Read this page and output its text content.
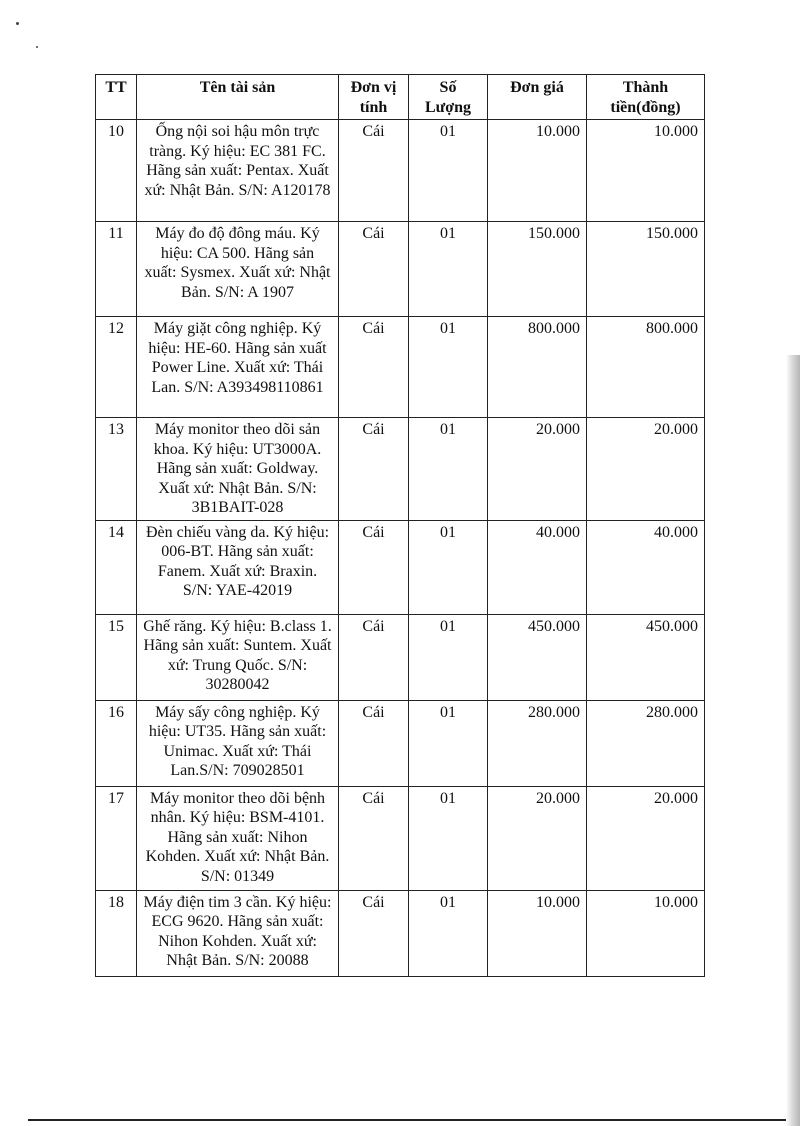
TT	Tên tài sản	Đơn vị tính	Số Lượng	Đơn giá	Thành tiền(đồng)
10	Ống nội soi hậu môn trực tràng. Ký hiệu: EC 381 FC. Hãng sản xuất: Pentax. Xuất xứ: Nhật Bản. S/N: A120178	Cái	01	10.000	10.000
11	Máy đo độ đông máu. Ký hiệu: CA 500. Hãng sản xuất: Sysmex. Xuất xứ: Nhật Bản. S/N: A 1907	Cái	01	150.000	150.000
12	Máy giặt công nghiệp. Ký hiệu: HE-60. Hãng sản xuất Power Line. Xuất xứ: Thái Lan. S/N: A393498110861	Cái	01	800.000	800.000
13	Máy monitor theo dõi sản khoa. Ký hiệu: UT3000A. Hãng sản xuất: Goldway. Xuất xứ: Nhật Bản. S/N: 3B1BAIT-028	Cái	01	20.000	20.000
14	Đèn chiếu vàng da. Ký hiệu: 006-BT. Hãng sản xuất: Fanem. Xuất xứ: Braxin. S/N: YAE-42019	Cái	01	40.000	40.000
15	Ghế răng. Ký hiệu: B.class 1. Hãng sản xuất: Suntem. Xuất xứ: Trung Quốc. S/N: 30280042	Cái	01	450.000	450.000
16	Máy sấy công nghiệp. Ký hiệu: UT35. Hãng sản xuất: Unimac. Xuất xứ: Thái Lan.S/N: 709028501	Cái	01	280.000	280.000
17	Máy monitor theo dõi bệnh nhân. Ký hiệu: BSM-4101. Hãng sản xuất: Nihon Kohden. Xuất xứ: Nhật Bản. S/N: 01349	Cái	01	20.000	20.000
18	Máy điện tim 3 cần. Ký hiệu: ECG 9620. Hãng sản xuất: Nihon Kohden. Xuất xứ: Nhật Bản. S/N: 20088	Cái	01	10.000	10.000
